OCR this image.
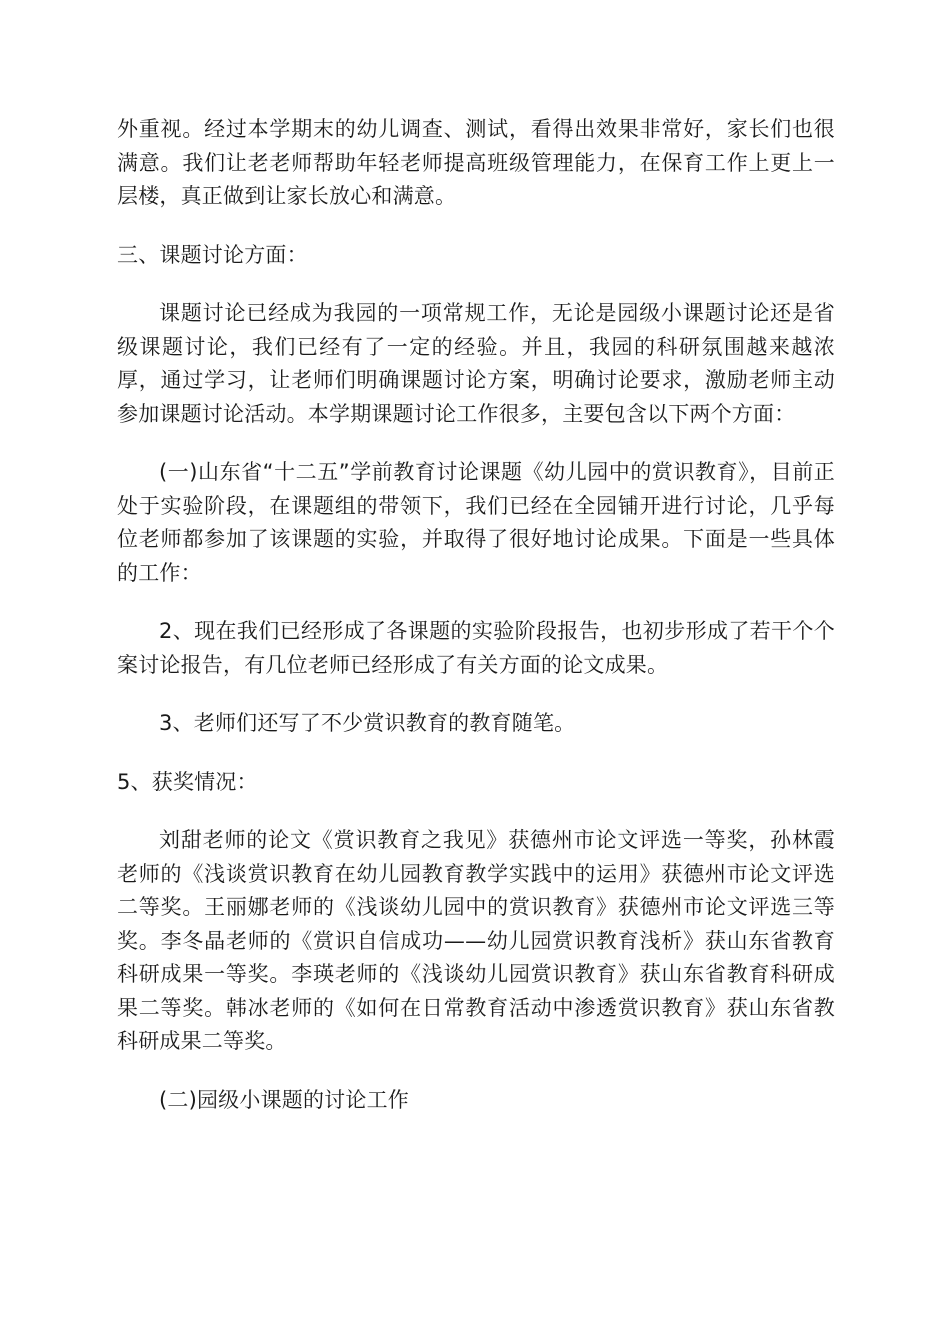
外重视。经过本学期末的幼儿调查、测试，看得出效果非常好，家长们也很满意。我们让老老师帮助年轻老师提高班级管理能力，在保育工作上更上一层楼，真正做到让家长放心和满意。

三、课题讨论方面：

课题讨论已经成为我园的一项常规工作，无论是园级小课题讨论还是省级课题讨论，我们已经有了一定的经验。并且，我园的科研氛围越来越浓厚，通过学习，让老师们明确课题讨论方案，明确讨论要求，激励老师主动参加课题讨论活动。本学期课题讨论工作很多，主要包含以下两个方面：

(一)山东省“十二五”学前教育讨论课题《幼儿园中的赏识教育》，目前正处于实验阶段，在课题组的带领下，我们已经在全园铺开进行讨论，几乎每位老师都参加了该课题的实验，并取得了很好地讨论成果。下面是一些具体的工作：

2、现在我们已经形成了各课题的实验阶段报告，也初步形成了若干个个案讨论报告，有几位老师已经形成了有关方面的论文成果。

3、老师们还写了不少赏识教育的教育随笔。

5、获奖情况：

刘甜老师的论文《赏识教育之我见》获德州市论文评选一等奖，孙林霞老师的《浅谈赏识教育在幼儿园教育教学实践中的运用》获德州市论文评选二等奖。王丽娜老师的《浅谈幼儿园中的赏识教育》获德州市论文评选三等奖。李冬晶老师的《赏识自信成功——幼儿园赏识教育浅析》获山东省教育科研成果一等奖。李瑛老师的《浅谈幼儿园赏识教育》获山东省教育科研成果二等奖。韩冰老师的《如何在日常教育活动中渗透赏识教育》获山东省教科研成果二等奖。

(二)园级小课题的讨论工作
